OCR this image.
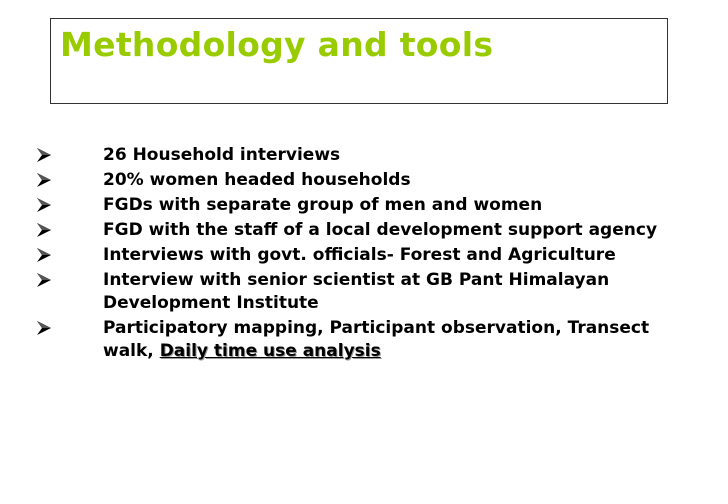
Methodology and tools
26 Household interviews
20% women headed households
FGDs with separate group of men and women
FGD with the staff of a local development support agency
Interviews with govt. officials- Forest and Agriculture
Interview with senior scientist at GB Pant Himalayan Development Institute
Participatory mapping, Participant observation, Transect walk, Daily time use analysis
